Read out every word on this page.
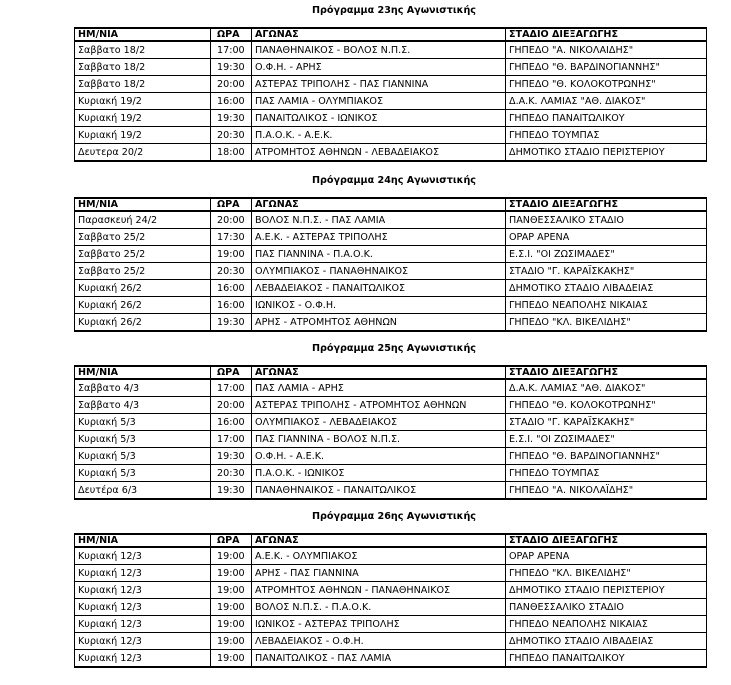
Πρόγραμμα 23ης Αγωνιστικής
ΗΜ/ΝΙΑ	ΩΡΑ	ΑΓΩΝΑΣ	ΣΤΑΔΙΟ ΔΙΕΞΑΓΩΓΗΣ
Σαββατο 18/2	17:00	ΠΑΝΑΘΗΝΑΙΚΟΣ - ΒΟΛΟΣ Ν.Π.Σ.	ΓΗΠΕΔΟ "Α. ΝΙΚΟΛΑΙΔΗΣ"
Σαββατο 18/2	19:30	Ο.Φ.Η. - ΑΡΗΣ	ΓΗΠΕΔΟ "Θ. ΒΑΡΔΙΝΟΓΙΑΝΝΗΣ"
Σαββατο 18/2	20:00	ΑΣΤΕΡΑΣ ΤΡΙΠΟΛΗΣ - ΠΑΣ ΓΙΑΝΝΙΝΑ	ΓΗΠΕΔΟ "Θ. ΚΟΛΟΚΟΤΡΩΝΗΣ"
Κυριακή 19/2	16:00	ΠΑΣ ΛΑΜΙΑ - ΟΛΥΜΠΙΑΚΟΣ	Δ.Α.Κ. ΛΑΜΙΑΣ "ΑΘ. ΔΙΑΚΟΣ"
Κυριακή 19/2	19:30	ΠΑΝΑΙΤΩΛΙΚΟΣ - ΙΩΝΙΚΟΣ	ΓΗΠΕΔΟ ΠΑΝΑΙΤΩΛΙΚΟΥ
Κυριακή 19/2	20:30	Π.Α.Ο.Κ. - Α.Ε.Κ.	ΓΗΠΕΔΟ ΤΟΥΜΠΑΣ
Δευτερα 20/2	18:00	ΑΤΡΟΜΗΤΟΣ ΑΘΗΝΩΝ - ΛΕΒΑΔΕΙΑΚΟΣ	ΔΗΜΟΤΙΚΟ ΣΤΑΔΙΟ ΠΕΡΙΣΤΕΡΙΟΥ
Πρόγραμμα 24ης Αγωνιστικής
ΗΜ/ΝΙΑ	ΩΡΑ	ΑΓΩΝΑΣ	ΣΤΑΔΙΟ ΔΙΕΞΑΓΩΓΗΣ
Παρασκευή 24/2	20:00	ΒΟΛΟΣ Ν.Π.Σ. - ΠΑΣ ΛΑΜΙΑ	ΠΑΝΘΕΣΣΑΛΙΚΟ ΣΤΑΔΙΟ
Σαββατο 25/2	17:30	Α.Ε.Κ. - ΑΣΤΕΡΑΣ ΤΡΙΠΟΛΗΣ	OPAP ΑΡΕΝΑ
Σαββατο 25/2	19:00	ΠΑΣ ΓΙΑΝΝΙΝΑ - Π.Α.Ο.Κ.	Ε.Σ.Ι. "ΟΙ ΖΩΣΙΜΑΔΕΣ"
Σαββατο 25/2	20:30	ΟΛΥΜΠΙΑΚΟΣ - ΠΑΝΑΘΗΝΑΙΚΟΣ	ΣΤΑΔΙΟ "Γ. ΚΑΡΑΪΣΚΑΚΗΣ"
Κυριακή 26/2	16:00	ΛΕΒΑΔΕΙΑΚΟΣ - ΠΑΝΑΙΤΩΛΙΚΟΣ	ΔΗΜΟΤΙΚΟ ΣΤΑΔΙΟ ΛΙΒΑΔΕΙΑΣ
Κυριακή 26/2	16:00	ΙΩΝΙΚΟΣ - Ο.Φ.Η.	ΓΗΠΕΔΟ ΝΕΑΠΟΛΗΣ ΝΙΚΑΙΑΣ
Κυριακή 26/2	19:30	ΑΡΗΣ - ΑΤΡΟΜΗΤΟΣ ΑΘΗΝΩΝ	ΓΗΠΕΔΟ "ΚΛ. ΒΙΚΕΛΙΔΗΣ"
Πρόγραμμα 25ης Αγωνιστικής
ΗΜ/ΝΙΑ	ΩΡΑ	ΑΓΩΝΑΣ	ΣΤΑΔΙΟ ΔΙΕΞΑΓΩΓΗΣ
Σαββατο 4/3	17:00	ΠΑΣ ΛΑΜΙΑ - ΑΡΗΣ	Δ.Α.Κ. ΛΑΜΙΑΣ "ΑΘ. ΔΙΑΚΟΣ"
Σαββατο 4/3	20:00	ΑΣΤΕΡΑΣ ΤΡΙΠΟΛΗΣ - ΑΤΡΟΜΗΤΟΣ ΑΘΗΝΩΝ	ΓΗΠΕΔΟ "Θ. ΚΟΛΟΚΟΤΡΩΝΗΣ"
Κυριακή 5/3	16:00	ΟΛΥΜΠΙΑΚΟΣ - ΛΕΒΑΔΕΙΑΚΟΣ	ΣΤΑΔΙΟ "Γ. ΚΑΡΑΪΣΚΑΚΗΣ"
Κυριακή 5/3	17:00	ΠΑΣ ΓΙΑΝΝΙΝΑ - ΒΟΛΟΣ Ν.Π.Σ.	Ε.Σ.Ι. "ΟΙ ΖΩΣΙΜΑΔΕΣ"
Κυριακή 5/3	19:30	Ο.Φ.Η. - Α.Ε.Κ.	ΓΗΠΕΔΟ "Θ. ΒΑΡΔΙΝΟΓΙΑΝΝΗΣ"
Κυριακή 5/3	20:30	Π.Α.Ο.Κ. - ΙΩΝΙΚΟΣ	ΓΗΠΕΔΟ ΤΟΥΜΠΑΣ
Δευτέρα 6/3	19:30	ΠΑΝΑΘΗΝΑΙΚΟΣ - ΠΑΝΑΙΤΩΛΙΚΟΣ	ΓΗΠΕΔΟ "Α. ΝΙΚΟΛΑΪΔΗΣ"
Πρόγραμμα 26ης Αγωνιστικής
ΗΜ/ΝΙΑ	ΩΡΑ	ΑΓΩΝΑΣ	ΣΤΑΔΙΟ ΔΙΕΞΑΓΩΓΗΣ
Κυριακή 12/3	19:00	Α.Ε.Κ. - ΟΛΥΜΠΙΑΚΟΣ	OPAP ΑΡΕΝΑ
Κυριακή 12/3	19:00	ΑΡΗΣ - ΠΑΣ ΓΙΑΝΝΙΝΑ	ΓΗΠΕΔΟ "ΚΛ. ΒΙΚΕΛΙΔΗΣ"
Κυριακή 12/3	19:00	ΑΤΡΟΜΗΤΟΣ ΑΘΗΝΩΝ - ΠΑΝΑΘΗΝΑΙΚΟΣ	ΔΗΜΟΤΙΚΟ ΣΤΑΔΙΟ ΠΕΡΙΣΤΕΡΙΟΥ
Κυριακή 12/3	19:00	ΒΟΛΟΣ Ν.Π.Σ. - Π.Α.Ο.Κ.	ΠΑΝΘΕΣΣΑΛΙΚΟ ΣΤΑΔΙΟ
Κυριακή 12/3	19:00	ΙΩΝΙΚΟΣ - ΑΣΤΕΡΑΣ ΤΡΙΠΟΛΗΣ	ΓΗΠΕΔΟ ΝΕΑΠΟΛΗΣ ΝΙΚΑΙΑΣ
Κυριακή 12/3	19:00	ΛΕΒΑΔΕΙΑΚΟΣ - Ο.Φ.Η.	ΔΗΜΟΤΙΚΟ ΣΤΑΔΙΟ ΛΙΒΑΔΕΙΑΣ
Κυριακή 12/3	19:00	ΠΑΝΑΙΤΩΛΙΚΟΣ - ΠΑΣ ΛΑΜΙΑ	ΓΗΠΕΔΟ ΠΑΝΑΙΤΩΛΙΚΟΥ
